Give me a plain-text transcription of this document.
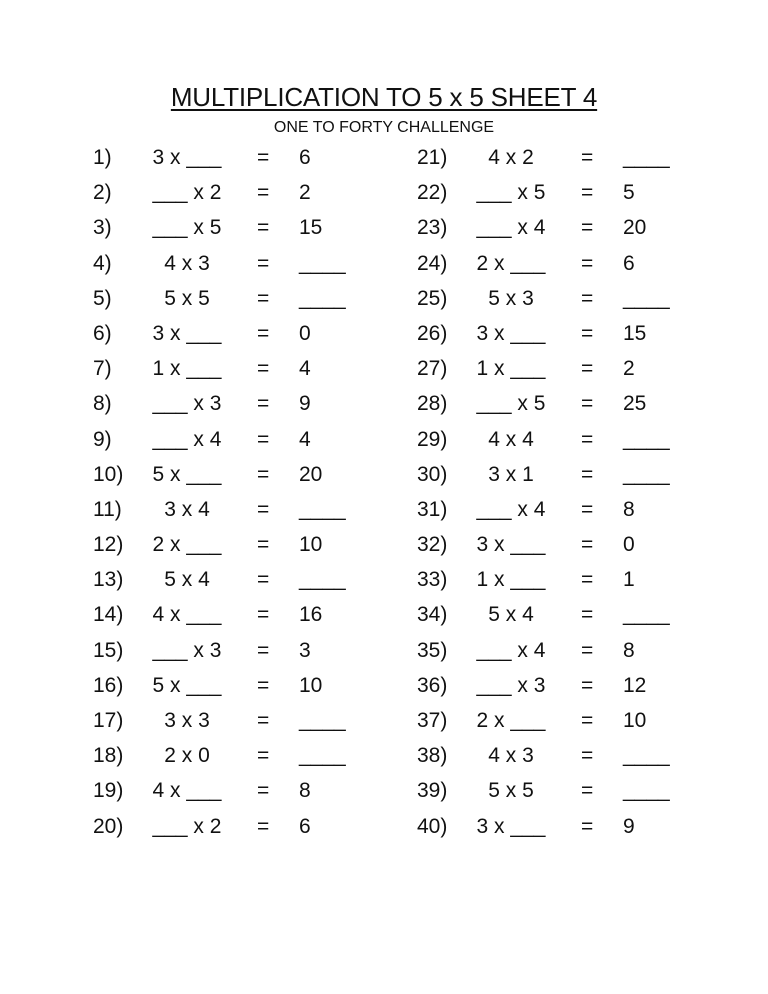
MULTIPLICATION TO 5 x 5 SHEET 4
ONE TO FORTY CHALLENGE
1) 3 x ___ = 6
2) ___ x 2 = 2
3) ___ x 5 = 15
4)	4 x 3	= ____
5)	5 x 5	= ____
6) 3 x ___ = 0
7) 1 x ___ = 4
8) ___ x 3 = 9
9) ___ x 4 = 4
10) 5 x ___ = 20
11)	3 x 4	= ____
12) 2 x ___ = 10
13)	5 x 4	= ____
14) 4 x ___ = 16
15) ___ x 3 = 3
16) 5 x ___ = 10
17)	3 x 3	= ____
18)	2 x 0	= ____
19) 4 x ___ = 8
20) ___ x 2 = 6
21)	4 x 2	= ____
22) ___ x 5 = 5
23) ___ x 4 = 20
24) 2 x ___ = 6
25)	5 x 3	= ____
26) 3 x ___ = 15
27) 1 x ___ = 2
28) ___ x 5 = 25
29)	4 x 4	= ____
30)	3 x 1	= ____
31) ___ x 4 = 8
32) 3 x ___ = 0
33) 1 x ___ = 1
34)	5 x 4	= ____
35) ___ x 4 = 8
36) ___ x 3 = 12
37) 2 x ___ = 10
38)	4 x 3	= ____
39)	5 x 5	= ____
40) 3 x ___ = 9
